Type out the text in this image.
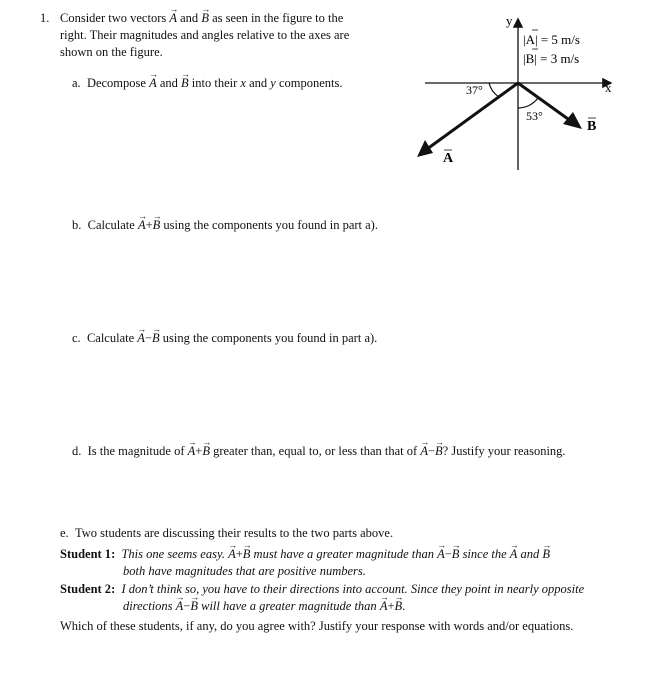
1. Consider two vectors → A and → B as seen in the figure to the
right. Their magnitudes and angles relative to the axes are
shown on the figure.
a. Decompose → A and → B into their x and y components.
y
x
|A| = 5 m/s
|B| = 3 m/s
A
37°
B
53°
b. Calculate → A+→ B using the components you found in part a).
c. Calculate → A−→ B using the components you found in part a).
d. Is the magnitude of → A+→ B greater than, equal to, or less than that of → A−→ B? Justify your reasoning.
e. Two students are discussing their results to the two parts above.
Student 1: This one seems easy. → A+→ B must have a greater magnitude than → A−→ B since the → A and → B
both have magnitudes that are positive numbers.
Student 2: I don’t think so, you have to their directions into account. Since they point in nearly opposite
directions → A−→ B will have a greater magnitude than → A+→ B.
Which of these students, if any, do you agree with? Justify your response with words and/or equations.
